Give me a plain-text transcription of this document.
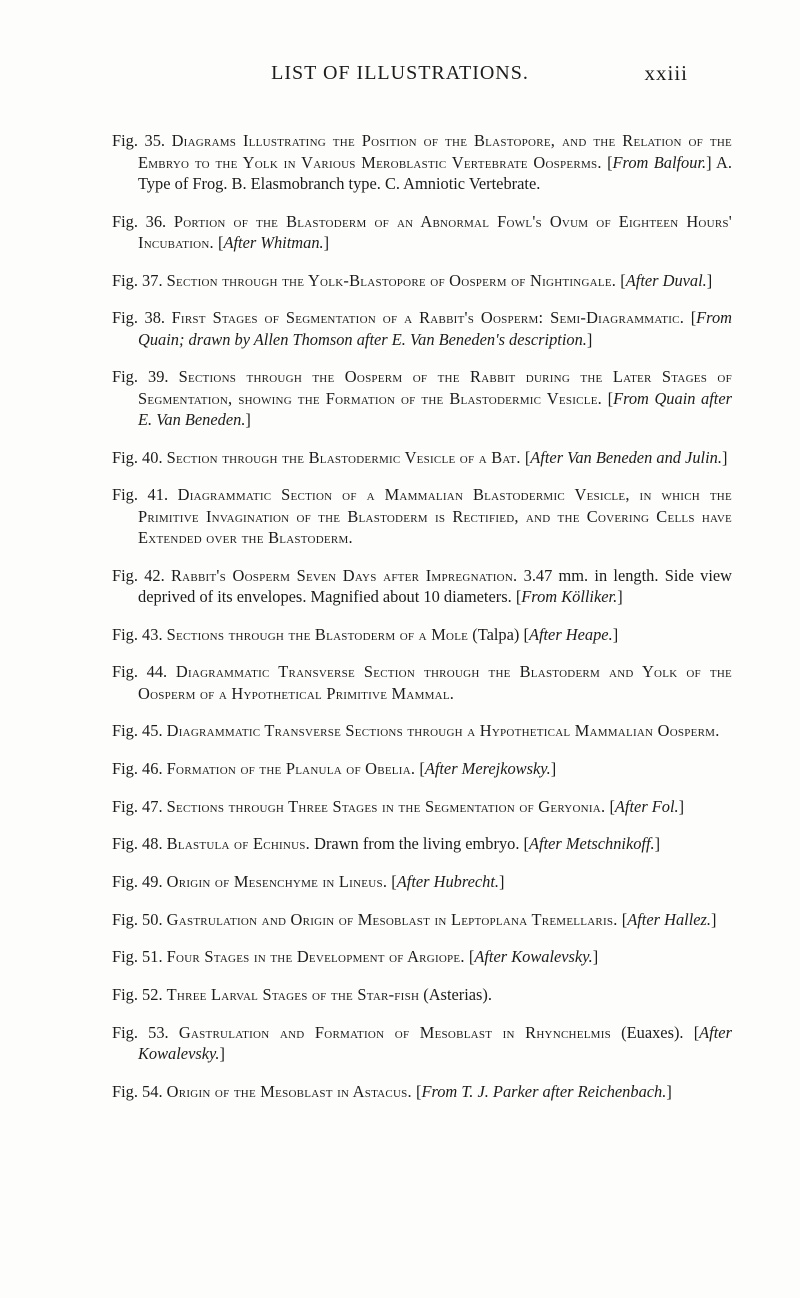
LIST OF ILLUSTRATIONS.	xxiii

Fig. 35. Diagrams Illustrating the Position of the Blastopore, and the Relation of the Embryo to the Yolk in Various Meroblastic Vertebrate Oosperms. [From Balfour.] A. Type of Frog. B. Elasmobranch type. C. Amniotic Vertebrate.

Fig. 36. Portion of the Blastoderm of an Abnormal Fowl's Ovum of Eighteen Hours' Incubation. [After Whitman.]

Fig. 37. Section through the Yolk-Blastopore of Oosperm of Nightingale. [After Duval.]

Fig. 38. First Stages of Segmentation of a Rabbit's Oosperm: Semi-Diagrammatic. [From Quain; drawn by Allen Thomson after E. Van Beneden's description.]

Fig. 39. Sections through the Oosperm of the Rabbit during the Later Stages of Segmentation, showing the Formation of the Blastodermic Vesicle. [From Quain after E. Van Beneden.]

Fig. 40. Section through the Blastodermic Vesicle of a Bat. [After Van Beneden and Julin.]

Fig. 41. Diagrammatic Section of a Mammalian Blastodermic Vesicle, in which the Primitive Invagination of the Blastoderm is Rectified, and the Covering Cells have Extended over the Blastoderm.

Fig. 42. Rabbit's Oosperm Seven Days after Impregnation. 3.47 mm. in length. Side view deprived of its envelopes. Magnified about 10 diameters. [From Kölliker.]

Fig. 43. Sections through the Blastoderm of a Mole (Talpa) [After Heape.]

Fig. 44. Diagrammatic Transverse Section through the Blastoderm and Yolk of the Oosperm of a Hypothetical Primitive Mammal.

Fig. 45. Diagrammatic Transverse Sections through a Hypothetical Mammalian Oosperm.

Fig. 46. Formation of the Planula of Obelia. [After Merejkowsky.]

Fig. 47. Sections through Three Stages in the Segmentation of Geryonia. [After Fol.]

Fig. 48. Blastula of Echinus. Drawn from the living embryo. [After Metschnikoff.]

Fig. 49. Origin of Mesenchyme in Lineus. [After Hubrecht.]

Fig. 50. Gastrulation and Origin of Mesoblast in Leptoplana Tremellaris. [After Hallez.]

Fig. 51. Four Stages in the Development of Argiope. [After Kowalevsky.]

Fig. 52. Three Larval Stages of the Star-fish (Asterias).

Fig. 53. Gastrulation and Formation of Mesoblast in Rhynchelmis (Euaxes). [After Kowalevsky.]

Fig. 54. Origin of the Mesoblast in Astacus. [From T. J. Parker after Reichenbach.]
